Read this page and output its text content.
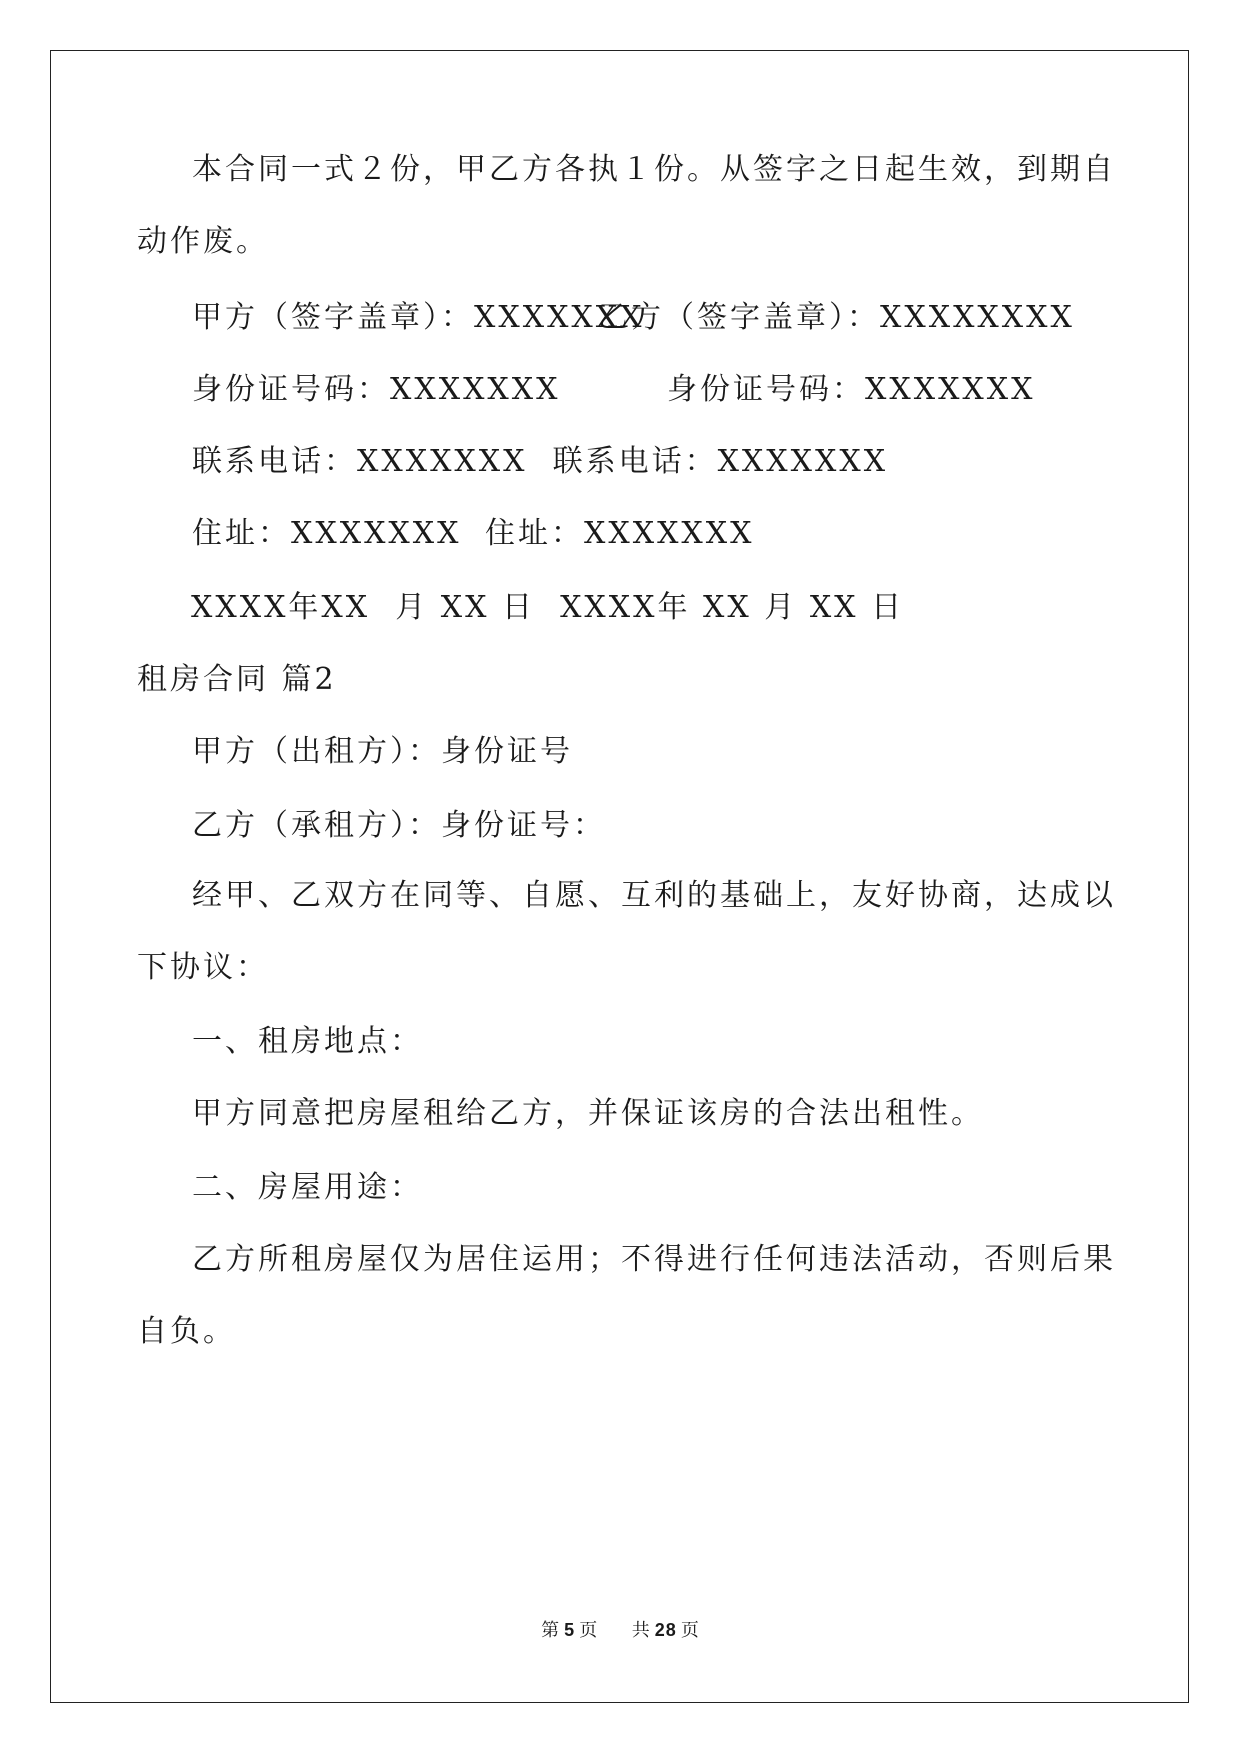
本合同一式２份，甲乙方各执１份。从签字之日起生效，到期自
动作废。
甲方（签字盖章）：XXXXXXX
乙方（签字盖章）：XXXXXXXX
身份证号码：XXXXXXX	身份证号码：XXXXXXX
联系电话：XXXXXXX  联系电话：XXXXXXX
住址：XXXXXXX 住址：XXXXXXX
XXXX年XX  月 XX 日  XXXX年 XX 月 XX 日
租房合同 篇2
甲方（出租方）：身份证号
乙方（承租方）：身份证号：
经甲、乙双方在同等、自愿、互利的基础上，友好协商，达成以
下协议：
一、租房地点：
甲方同意把房屋租给乙方，并保证该房的合法出租性。
二、房屋用途：
乙方所租房屋仅为居住运用；不得进行任何违法活动，否则后果
自负。
第 5 页 共 28 页
